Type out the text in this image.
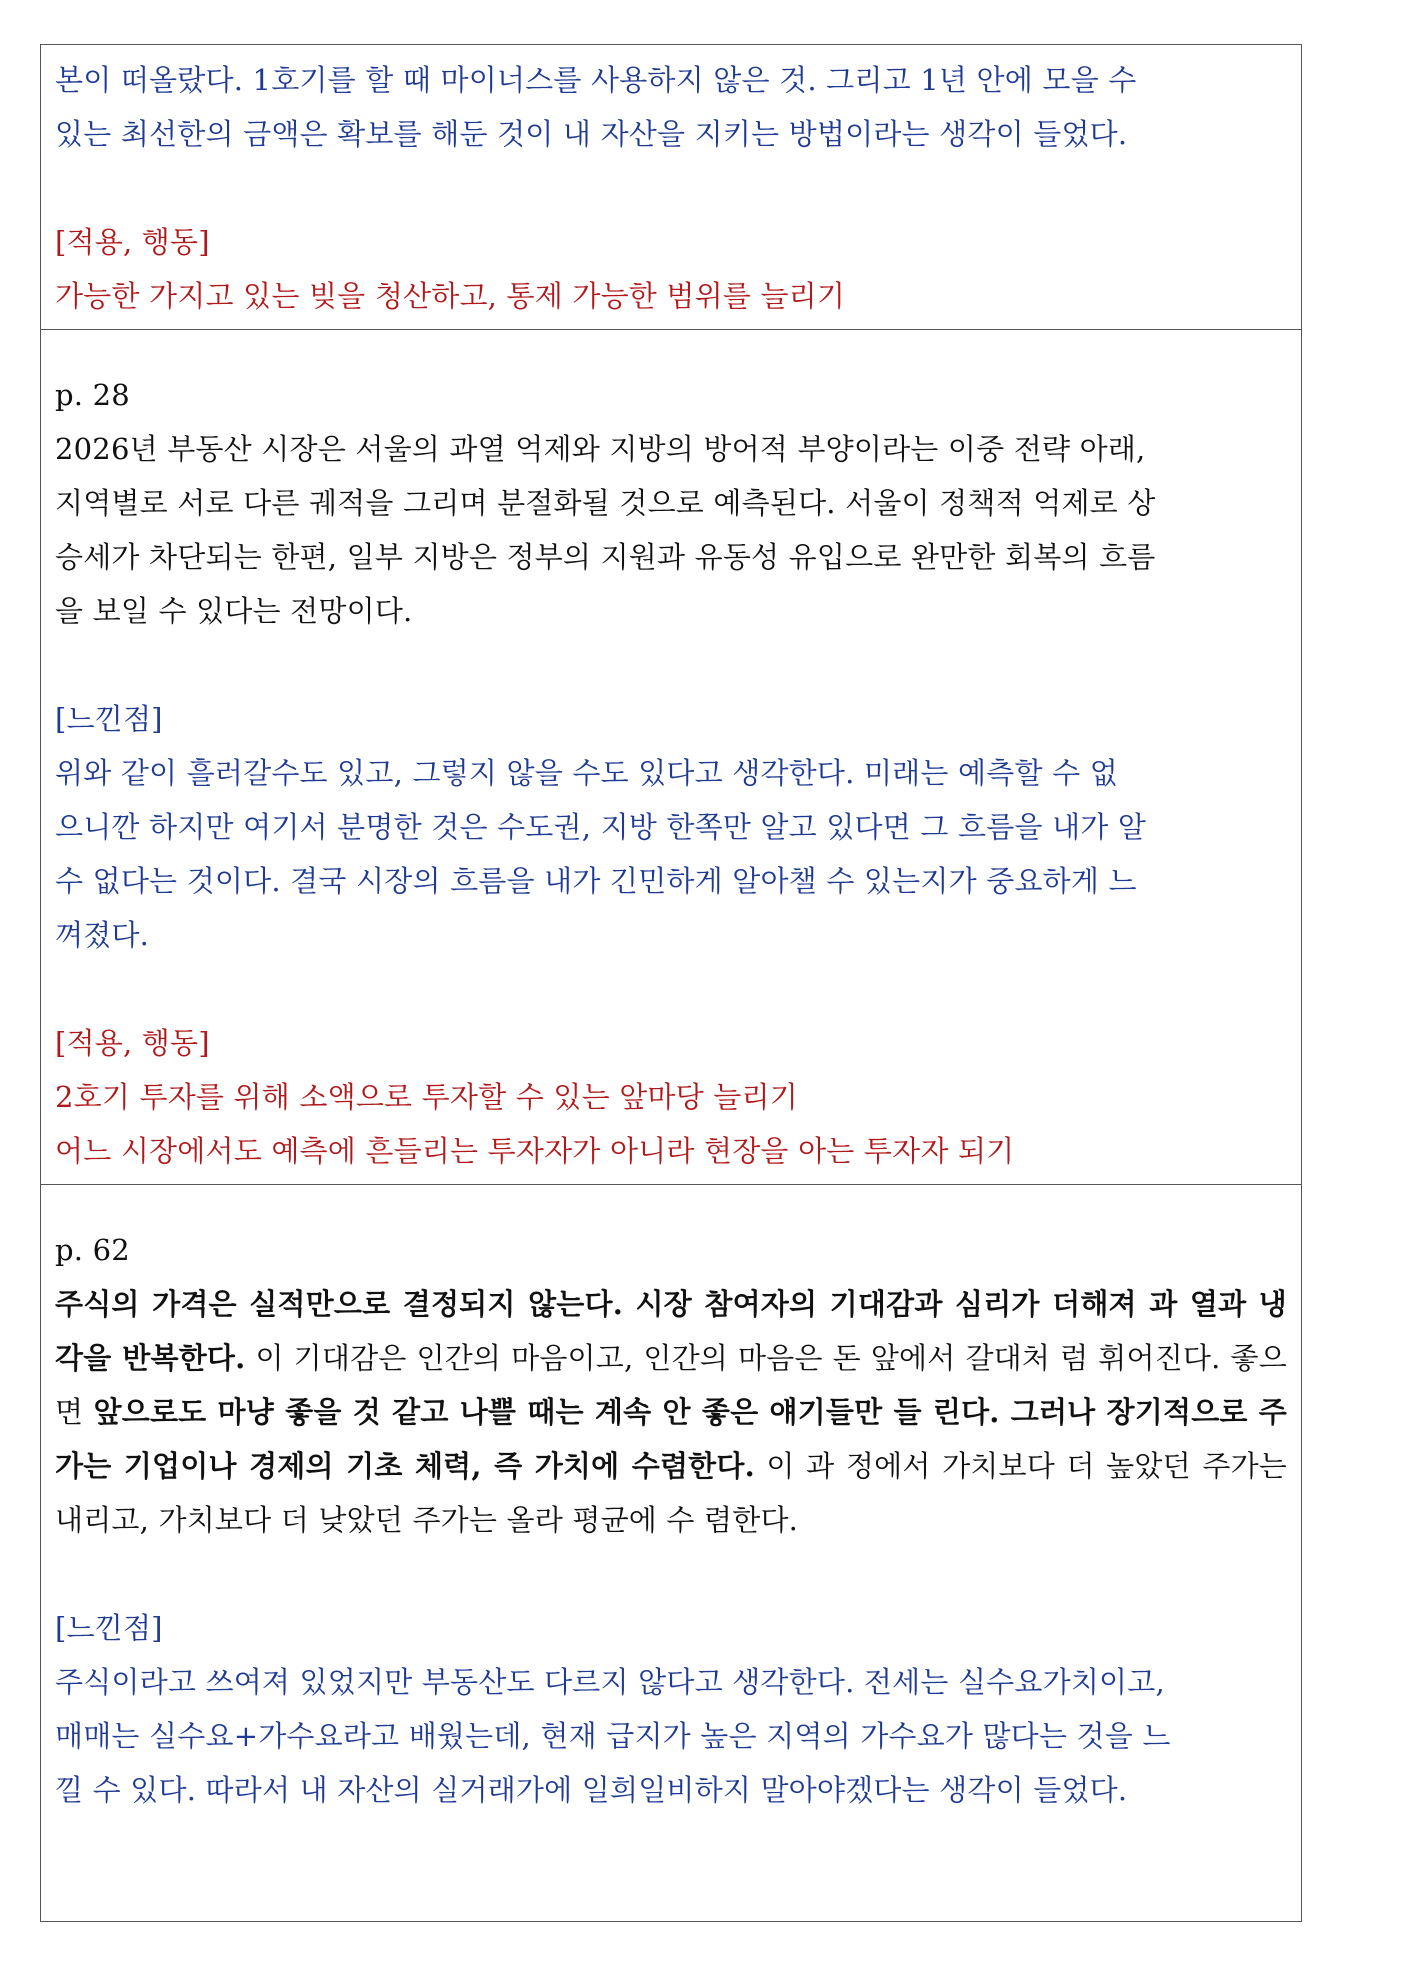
본이 떠올랐다. 1호기를 할 때 마이너스를 사용하지 않은 것. 그리고 1년 안에 모을 수
있는 최선한의 금액은 확보를 해둔 것이 내 자산을 지키는 방법이라는 생각이 들었다.
[적용, 행동]
가능한 가지고 있는 빚을 청산하고, 통제 가능한 범위를 늘리기

p. 28
2026년 부동산 시장은 서울의 과열 억제와 지방의 방어적 부양이라는 이중 전략 아래,
지역별로 서로 다른 궤적을 그리며 분절화될 것으로 예측된다. 서울이 정책적 억제로 상
승세가 차단되는 한편, 일부 지방은 정부의 지원과 유동성 유입으로 완만한 회복의 흐름
을 보일 수 있다는 전망이다.
[느낀점]
위와 같이 흘러갈수도 있고, 그렇지 않을 수도 있다고 생각한다. 미래는 예측할 수 없
으니깐 하지만 여기서 분명한 것은 수도권, 지방 한쪽만 알고 있다면 그 흐름을 내가 알
수 없다는 것이다. 결국 시장의 흐름을 내가 긴민하게 알아챌 수 있는지가 중요하게 느
껴졌다.
[적용, 행동]
2호기 투자를 위해 소액으로 투자할 수 있는 앞마당 늘리기
어느 시장에서도 예측에 흔들리는 투자자가 아니라 현장을 아는 투자자 되기

p. 62
주식의 가격은 실적만으로 결정되지 않는다. 시장 참여자의 기대감과 심리가 더해져 과 열과 냉각을 반복한다. 이 기대감은 인간의 마음이고, 인간의 마음은 돈 앞에서 갈대처 럼 휘어진다. 좋으면 앞으로도 마냥 좋을 것 같고 나쁠 때는 계속 안 좋은 얘기들만 들 린다. 그러나 장기적으로 주가는 기업이나 경제의 기초 체력, 즉 가치에 수렴한다. 이 과 정에서 가치보다 더 높았던 주가는 내리고, 가치보다 더 낮았던 주가는 올라 평균에 수 렴한다.
[느낀점]
주식이라고 쓰여져 있었지만 부동산도 다르지 않다고 생각한다. 전세는 실수요가치이고,
매매는 실수요+가수요라고 배웠는데, 현재 급지가 높은 지역의 가수요가 많다는 것을 느
낄 수 있다. 따라서 내 자산의 실거래가에 일희일비하지 말아야겠다는 생각이 들었다.
